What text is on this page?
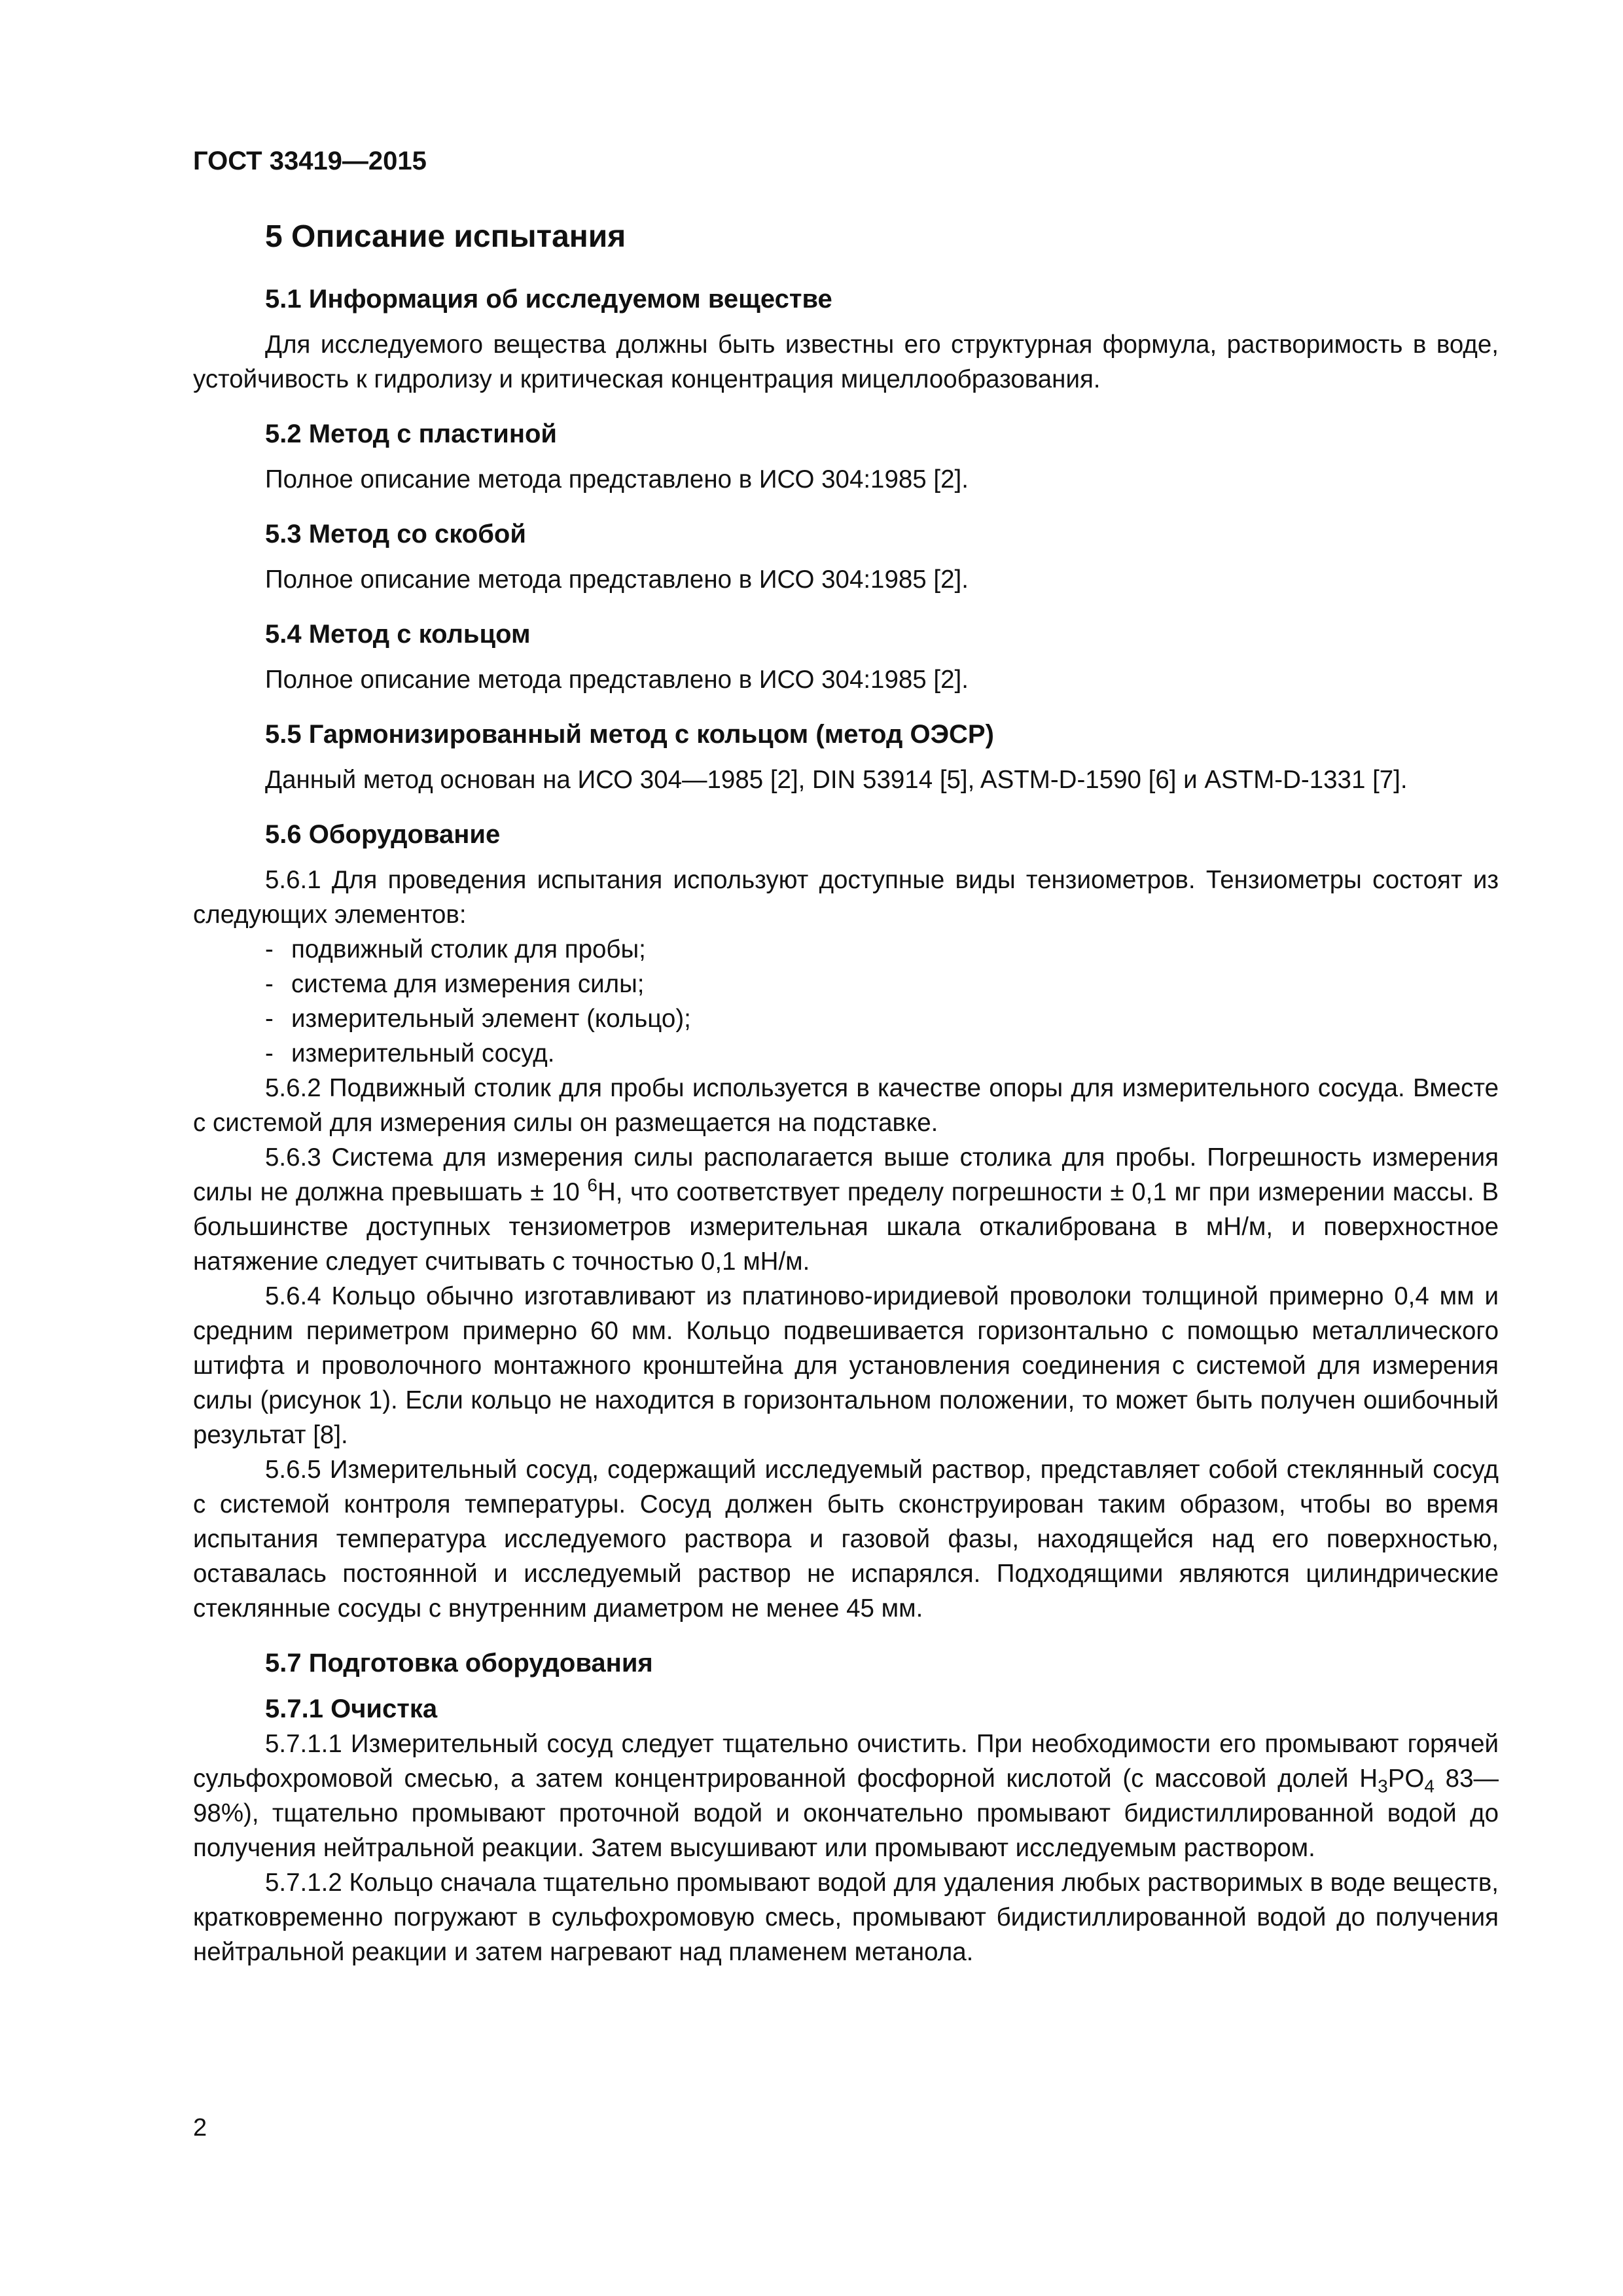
ГОСТ 33419—2015
5 Описание испытания
5.1 Информация об исследуемом веществе

Для исследуемого вещества должны быть известны его структурная формула, растворимость в воде, устойчивость к гидролизу и критическая концентрация мицеллообразования.

5.2 Метод с пластиной

Полное описание метода представлено в ИСО 304:1985 [2].

5.3 Метод со скобой

Полное описание метода представлено в ИСО 304:1985 [2].

5.4 Метод с кольцом

Полное описание метода представлено в ИСО 304:1985 [2].

5.5 Гармонизированный метод с кольцом (метод ОЭСР)

Данный метод основан на ИСО 304—1985 [2], DIN 53914 [5], ASTM-D-1590 [6] и ASTM-D-1331 [7].

5.6 Оборудование

5.6.1 Для проведения испытания используют доступные виды тензиометров. Тензиометры состоят из следующих элементов:

- подвижный столик для пробы;
- система для измерения силы;
- измерительный элемент (кольцо);
- измерительный сосуд.

5.6.2 Подвижный столик для пробы используется в качестве опоры для измерительного сосуда. Вместе с системой для измерения силы он размещается на подставке.

5.6.3 Система для измерения силы располагается выше столика для пробы. Погрешность измерения силы не должна превышать ± 10 $^6$Н, что соответствует пределу погрешности ± 0,1 мг при измерении массы. В большинстве доступных тензиометров измерительная шкала откалибрована в мН/м, и поверхностное натяжение следует считывать с точностью 0,1 мН/м.

5.6.4 Кольцо обычно изготавливают из платиново-иридиевой проволоки толщиной примерно 0,4 мм и средним периметром примерно 60 мм. Кольцо подвешивается горизонтально с помощью металлического штифта и проволочного монтажного кронштейна для установления соединения с системой для измерения силы (рисунок 1). Если кольцо не находится в горизонтальном положении, то может быть получен ошибочный результат [8].

5.6.5 Измерительный сосуд, содержащий исследуемый раствор, представляет собой стеклянный сосуд с системой контроля температуры. Сосуд должен быть сконструирован таким образом, чтобы во время испытания температура исследуемого раствора и газовой фазы, находящейся над его поверхностью, оставалась постоянной и исследуемый раствор не испарялся. Подходящими являются цилиндрические стеклянные сосуды с внутренним диаметром не менее 45 мм.

5.7 Подготовка оборудования
5.7.1 Очистка

5.7.1.1 Измерительный сосуд следует тщательно очистить. При необходимости его промывают горячей сульфохромовой смесью, а затем концентрированной фосфорной кислотой (с массовой долей $H_3PO_4$ 83—98%), тщательно промывают проточной водой и окончательно промывают бидистиллированной водой до получения нейтральной реакции. Затем высушивают или промывают исследуемым раствором.

5.7.1.2 Кольцо сначала тщательно промывают водой для удаления любых растворимых в воде веществ, кратковременно погружают в сульфохромовую смесь, промывают бидистиллированной водой до получения нейтральной реакции и затем нагревают над пламенем метанола.

2
